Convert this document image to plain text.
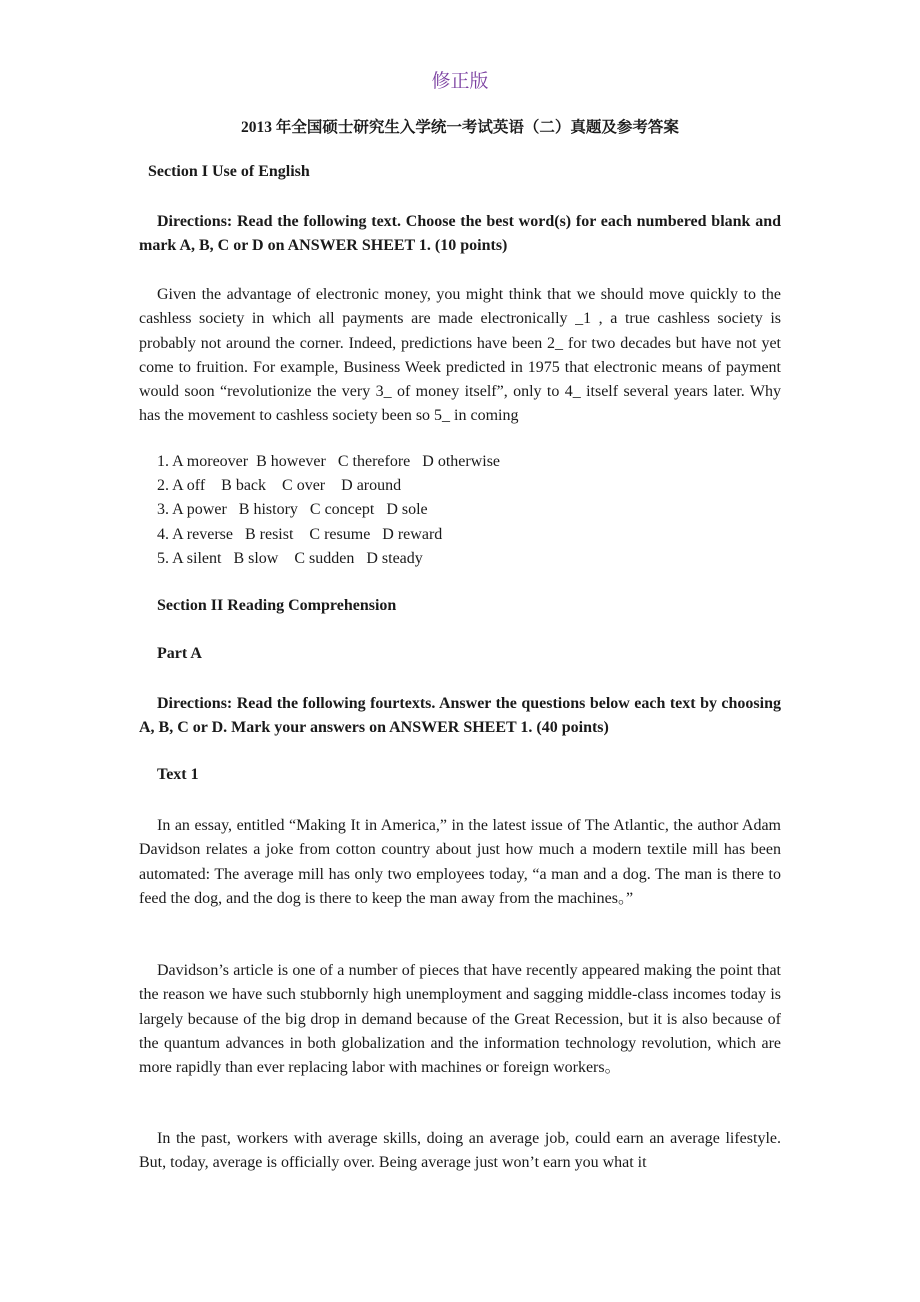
修正版
2013 年全国硕士研究生入学统一考试英语（二）真题及参考答案
Section I Use of English
Directions: Read the following text. Choose the best word(s) for each numbered blank and mark A, B, C or D on ANSWER SHEET 1. (10 points)
Given the advantage of electronic money, you might think that we should move quickly to the cashless society in which all payments are made electronically _1 , a true cashless society is probably not around the corner. Indeed, predictions have been 2_ for two decades but have not yet come to fruition. For example, Business Week predicted in 1975 that electronic means of payment would soon “revolutionize the very 3_ of money itself”, only to 4_ itself several years later. Why has the movement to cashless society been so 5_ in coming
1. A moreover  B however   C therefore   D otherwise
2. A off    B back    C over    D around
3. A power   B history   C concept   D sole
4. A reverse   B resist    C resume   D reward
5. A silent   B slow    C sudden   D steady
Section II Reading Comprehension
Part A
Directions: Read the following fourtexts. Answer the questions below each text by choosing A, B, C or D. Mark your answers on ANSWER SHEET 1. (40 points)
Text 1
In an essay, entitled “Making It in America,” in the latest issue of The Atlantic, the author Adam Davidson relates a joke from cotton country about just how much a modern textile mill has been automated: The average mill has only two employees today, “a man and a dog. The man is there to feed the dog, and the dog is there to keep the man away from the machines。”
Davidson’s article is one of a number of pieces that have recently appeared making the point that the reason we have such stubbornly high unemployment and sagging middle-class incomes today is largely because of the big drop in demand because of the Great Recession, but it is also because of the quantum advances in both globalization and the information technology revolution, which are more rapidly than ever replacing labor with machines or foreign workers。
In the past, workers with average skills, doing an average job, could earn an average lifestyle. But, today, average is officially over. Being average just won’t earn you what it
